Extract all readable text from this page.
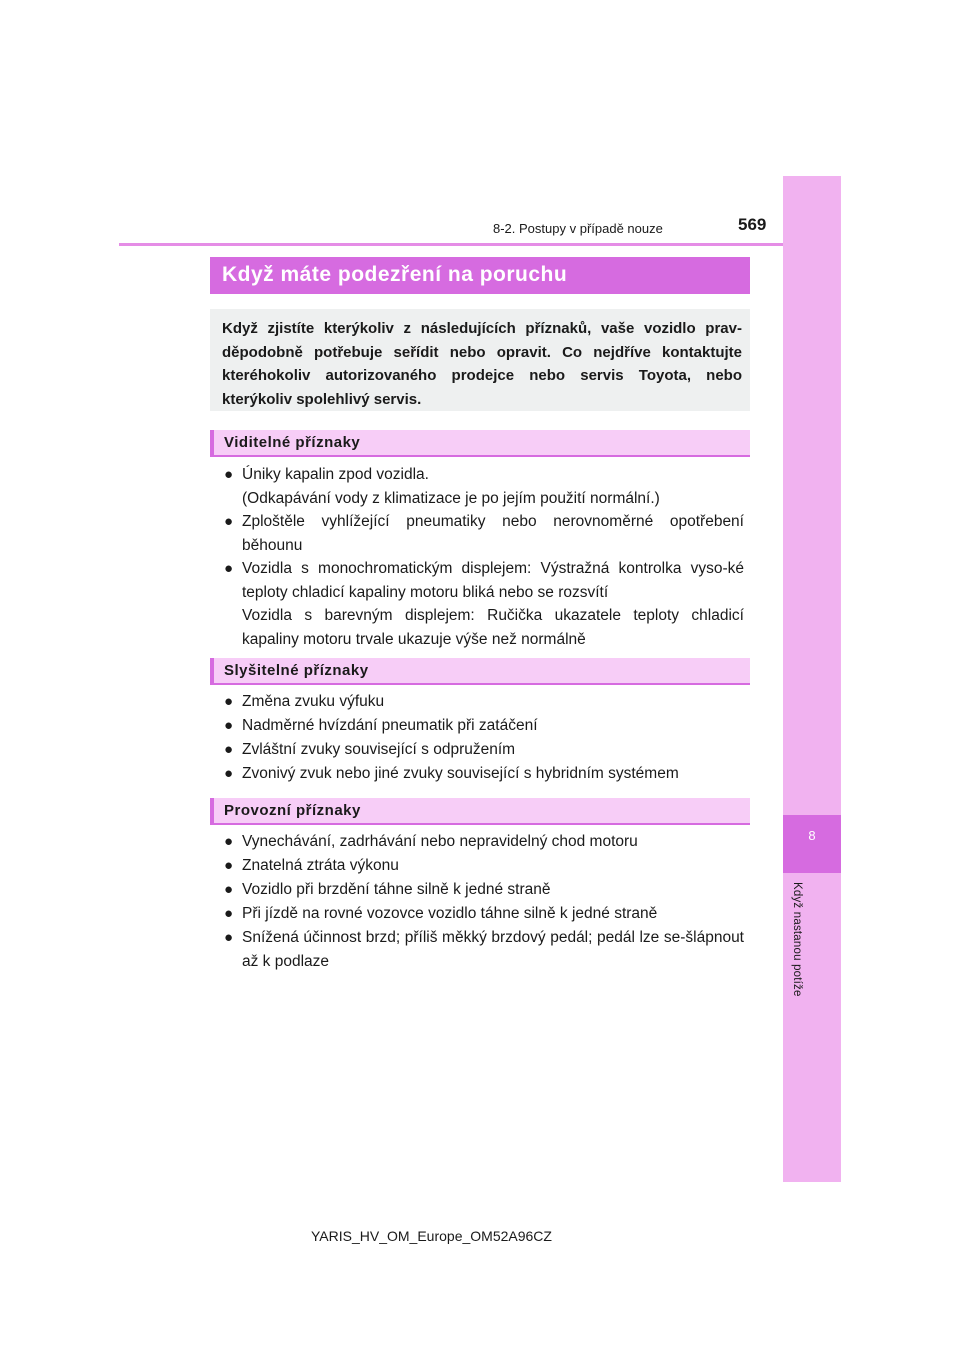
8
Když nastanou potíže
8-2. Postupy v případě nouze	569
Když máte podezření na poruchu
Když zjistíte kterýkoliv z následujících příznaků, vaše vozidlo prav-děpodobně potřebuje seřídit nebo opravit. Co nejdříve kontaktujte kteréhokoliv autorizovaného prodejce nebo servis Toyota, nebo kterýkoliv spolehlivý servis.
Viditelné příznaky
● Úniky kapalin zpod vozidla.
(Odkapávání vody z klimatizace je po jejím použití normální.)
● Zploštěle vyhlížející pneumatiky nebo nerovnoměrné opotřebení běhounu
● Vozidla s monochromatickým displejem: Výstražná kontrolka vyso-ké teploty chladicí kapaliny motoru bliká nebo se rozsvítí
Vozidla s barevným displejem: Ručička ukazatele teploty chladicí kapaliny motoru trvale ukazuje výše než normálně
Slyšitelné příznaky
● Změna zvuku výfuku
● Nadměrné hvízdání pneumatik při zatáčení
● Zvláštní zvuky související s odpružením
● Zvonivý zvuk nebo jiné zvuky související s hybridním systémem
Provozní příznaky
● Vynechávání, zadrhávání nebo nepravidelný chod motoru
● Znatelná ztráta výkonu
● Vozidlo při brzdění táhne silně k jedné straně
● Při jízdě na rovné vozovce vozidlo táhne silně k jedné straně
● Snížená účinnost brzd; příliš měkký brzdový pedál; pedál lze se-šlápnout až k podlaze
YARIS_HV_OM_Europe_OM52A96CZ
